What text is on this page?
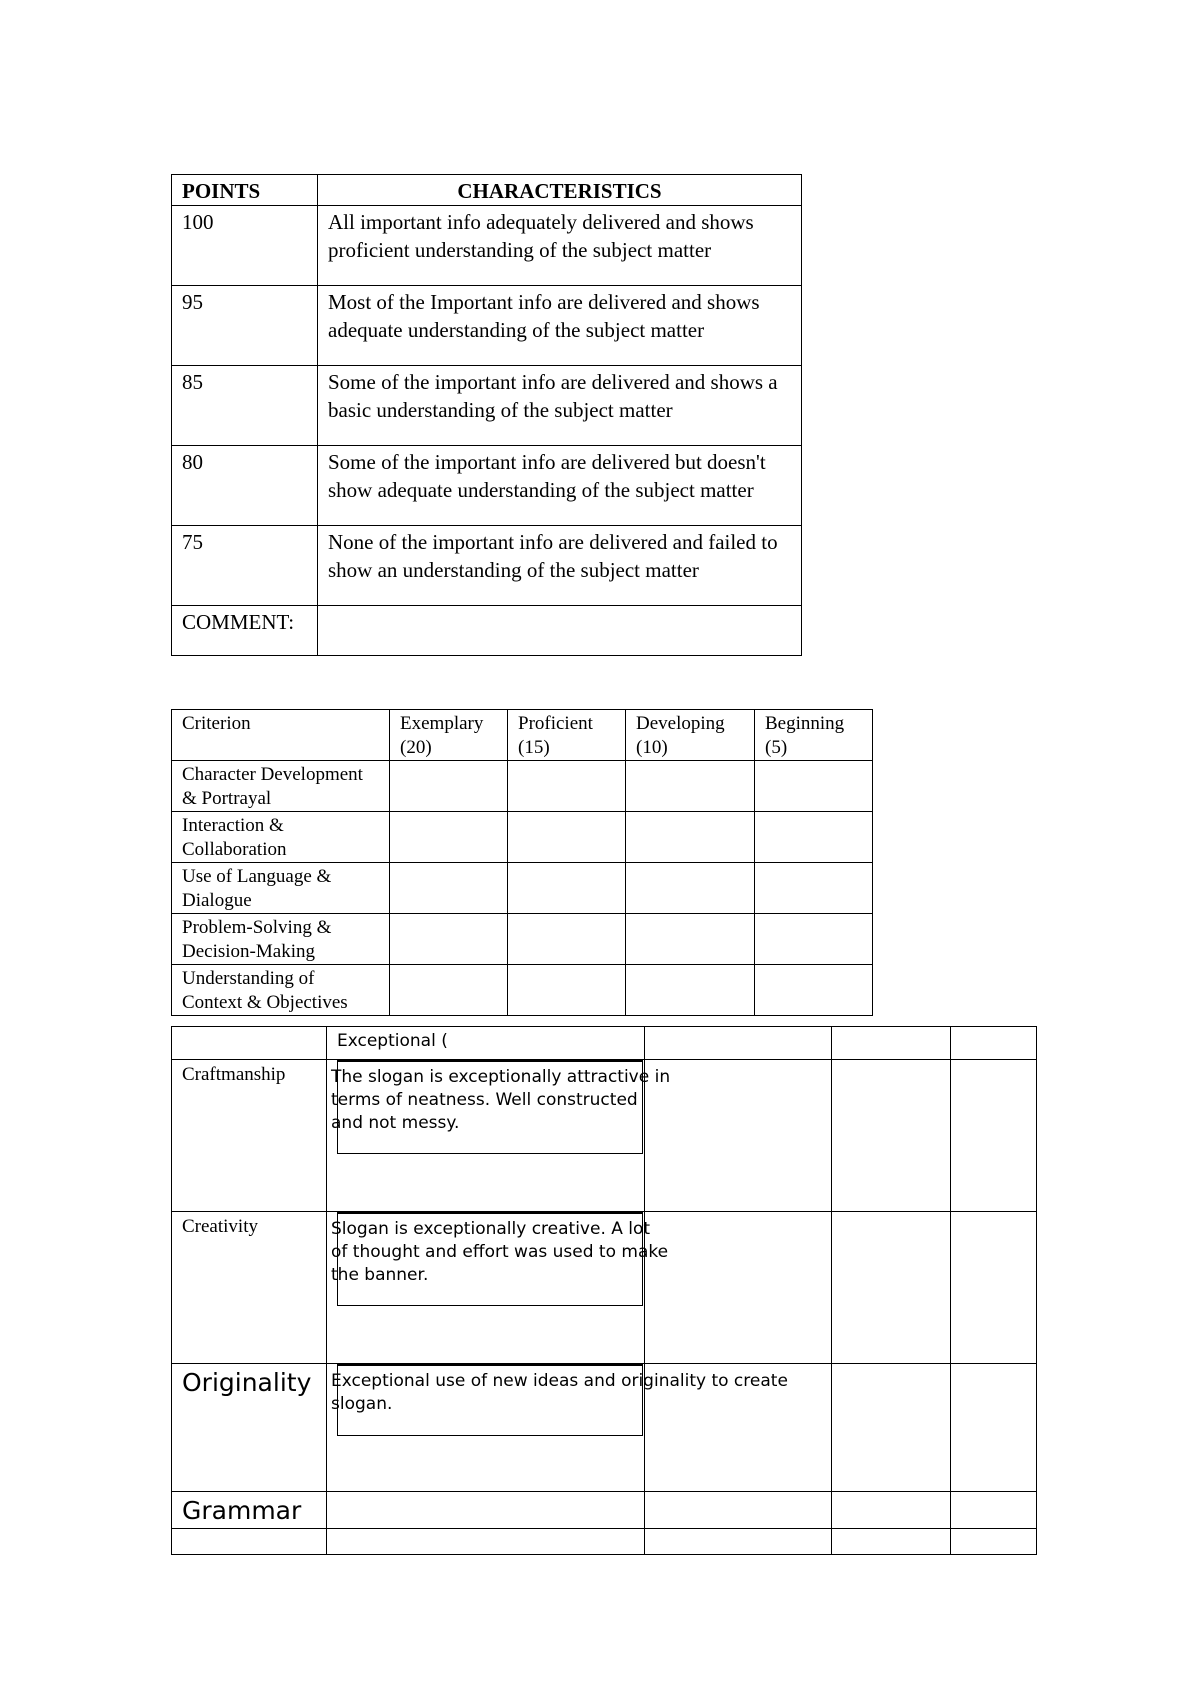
POINTS	CHARACTERISTICS
100	All important info adequately delivered and shows proficient understanding of the subject matter
95	Most of the Important info are delivered and shows adequate understanding of the subject matter
85	Some of the important info are delivered and shows a basic understanding of the subject matter
80	Some of the important info are delivered but doesn't show adequate understanding of the subject matter
75	None of the important info are delivered and failed to show an understanding of the subject matter
COMMENT:	
Criterion	Exemplary (20)	Proficient (15)	Developing (10)	Beginning (5)
Character Development & Portrayal				
Interaction & Collaboration				
Use of Language & Dialogue				
Problem-Solving & Decision-Making				
Understanding of Context & Objectives				
	Exceptional (			
Craftmanship	The slogan is exceptionally attractive in terms of neatness. Well constructed and not messy.			

Creativity	Slogan is exceptionally creative. A lot of thought and effort was used to make the banner.			

Originality	Exceptional use of new ideas and originality to create slogan.			

Grammar				
